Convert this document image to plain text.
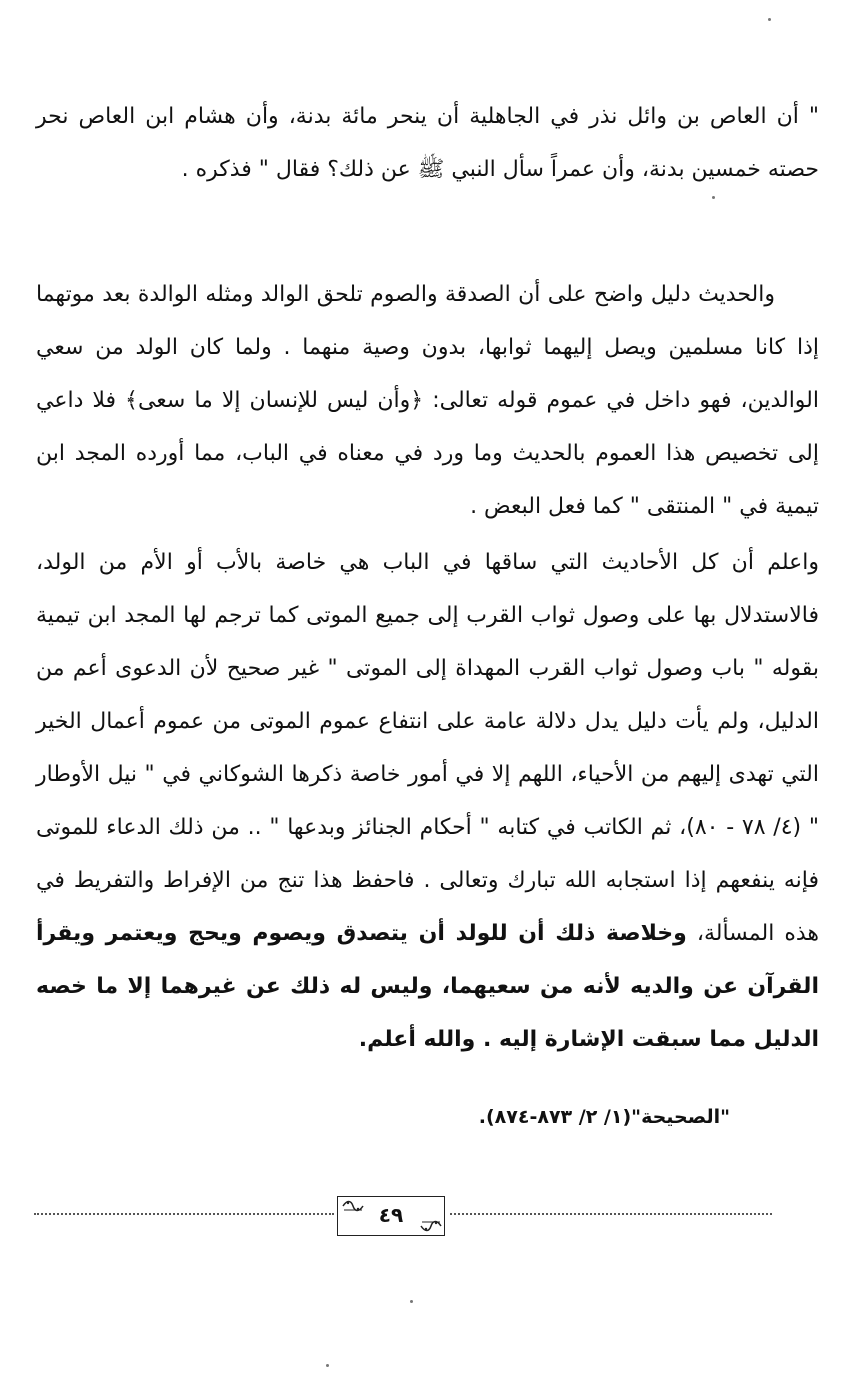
" أن العاص بن وائل نذر في الجاهلية أن ينحر مائة بدنة، وأن هشام ابن العاص نحر حصته خمسين بدنة، وأن عمراً سأل النبي ﷺ عن ذلك؟ فقال " فذكره .

والحديث دليل واضح على أن الصدقة والصوم تلحق الوالد ومثله الوالدة بعد موتهما إذا كانا مسلمين ويصل إليهما ثوابها، بدون وصية منهما . ولما كان الولد من سعي الوالدين، فهو داخل في عموم قوله تعالى: ﴿وأن ليس للإنسان إلا ما سعى﴾ فلا داعي إلى تخصيص هذا العموم بالحديث وما ورد في معناه في الباب، مما أورده المجد ابن تيمية في " المنتقى " كما فعل البعض .

واعلم أن كل الأحاديث التي ساقها في الباب هي خاصة بالأب أو الأم من الولد، فالاستدلال بها على وصول ثواب القرب إلى جميع الموتى كما ترجم لها المجد ابن تيمية بقوله " باب وصول ثواب القرب المهداة إلى الموتى " غير صحيح لأن الدعوى أعم من الدليل، ولم يأت دليل يدل دلالة عامة على انتفاع عموم الموتى من عموم أعمال الخير التي تهدى إليهم من الأحياء، اللهم إلا في أمور خاصة ذكرها الشوكاني في " نيل الأوطار " (٤/ ٧٨ - ٨٠)، ثم الكاتب في كتابه " أحكام الجنائز وبدعها " .. من ذلك الدعاء للموتى فإنه ينفعهم إذا استجابه الله تبارك وتعالى . فاحفظ هذا تنج من الإفراط والتفريط في هذه المسألة،

وخلاصة ذلك أن للولد أن يتصدق ويصوم ويحج ويعتمر ويقرأ القرآن عن والديه لأنه من سعيهما، وليس له ذلك عن غيرهما إلا ما خصه الدليل مما سبقت الإشارة إليه . والله أعلم.
"الصحيحة"(١/ ٢/ ٨٧٣-٨٧٤).
٤٩
